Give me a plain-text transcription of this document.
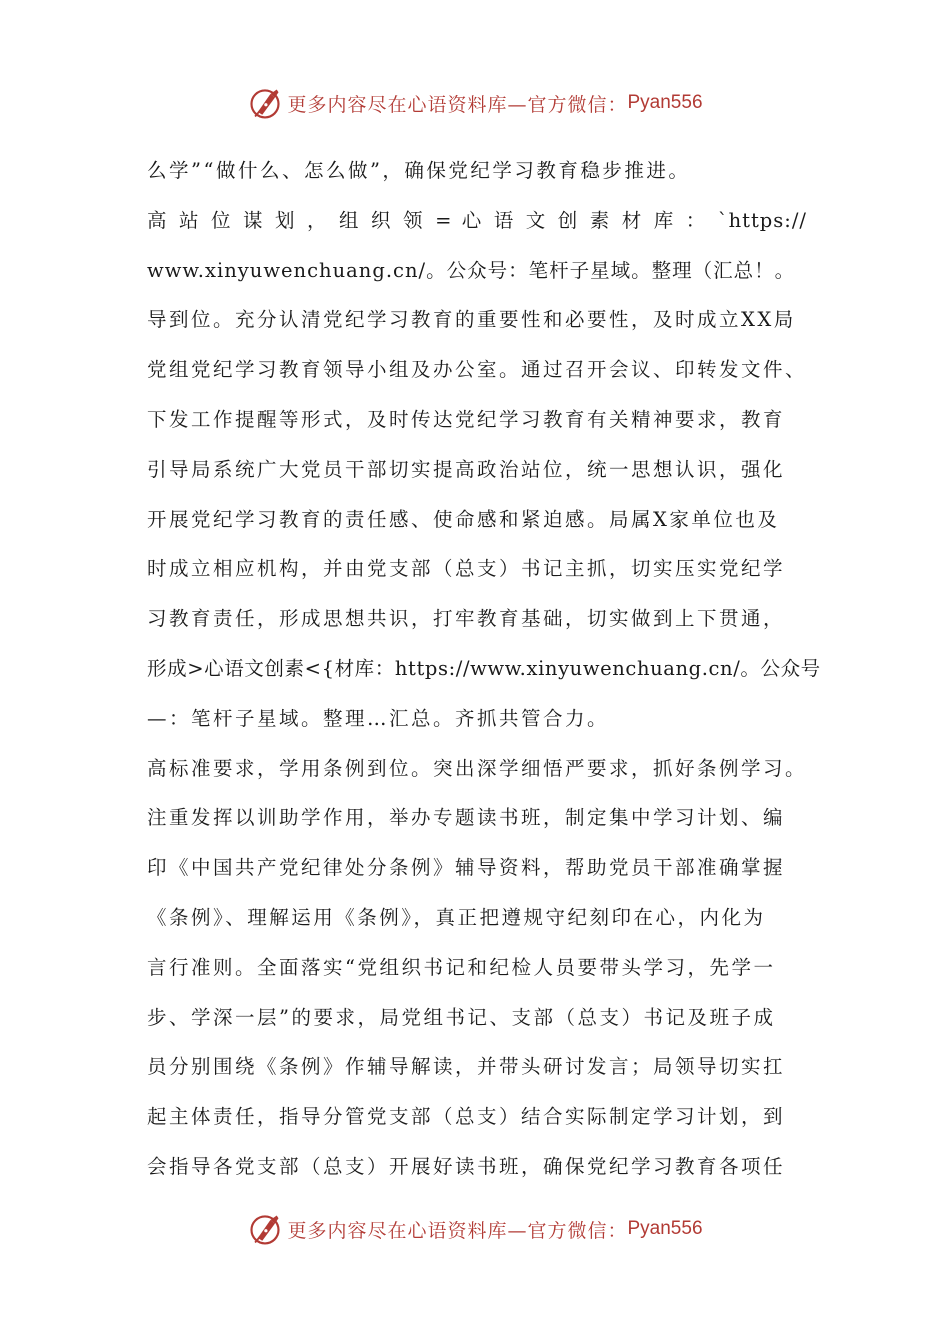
更多内容尽在心语资料库—官方微信： Pyan556
么学”“做什么、怎么做”，确保党纪学习教育稳步推进。
高 站 位 谋 划 ， 组 织 领 = 心 语 文 创 素 材 库 ： `https://
www.xinyuwenchuang.cn/。公众号：笔杆子星域。整理（汇总！。
导到位。充分认清党纪学习教育的重要性和必要性，及时成立XX局
党组党纪学习教育领导小组及办公室。通过召开会议、印转发文件、
下发工作提醒等形式，及时传达党纪学习教育有关精神要求，教育
引导局系统广大党员干部切实提高政治站位，统一思想认识，强化
开展党纪学习教育的责任感、使命感和紧迫感。局属X家单位也及
时成立相应机构，并由党支部（总支）书记主抓，切实压实党纪学
习教育责任，形成思想共识，打牢教育基础，切实做到上下贯通，
形成>心语文创素<{材库：https://www.xinyuwenchuang.cn/。公众号
—：笔杆子星域。整理…汇总。齐抓共管合力。
高标准要求，学用条例到位。突出深学细悟严要求，抓好条例学习。
注重发挥以训助学作用，举办专题读书班，制定集中学习计划、编
印《中国共产党纪律处分条例》辅导资料，帮助党员干部准确掌握
《条例》、理解运用《条例》，真正把遵规守纪刻印在心，内化为
言行准则。全面落实“党组织书记和纪检人员要带头学习，先学一
步、学深一层”的要求，局党组书记、支部（总支）书记及班子成
员分别围绕《条例》作辅导解读，并带头研讨发言；局领导切实扛
起主体责任，指导分管党支部（总支）结合实际制定学习计划，到
会指导各党支部（总支）开展好读书班，确保党纪学习教育各项任
更多内容尽在心语资料库—官方微信： Pyan556
